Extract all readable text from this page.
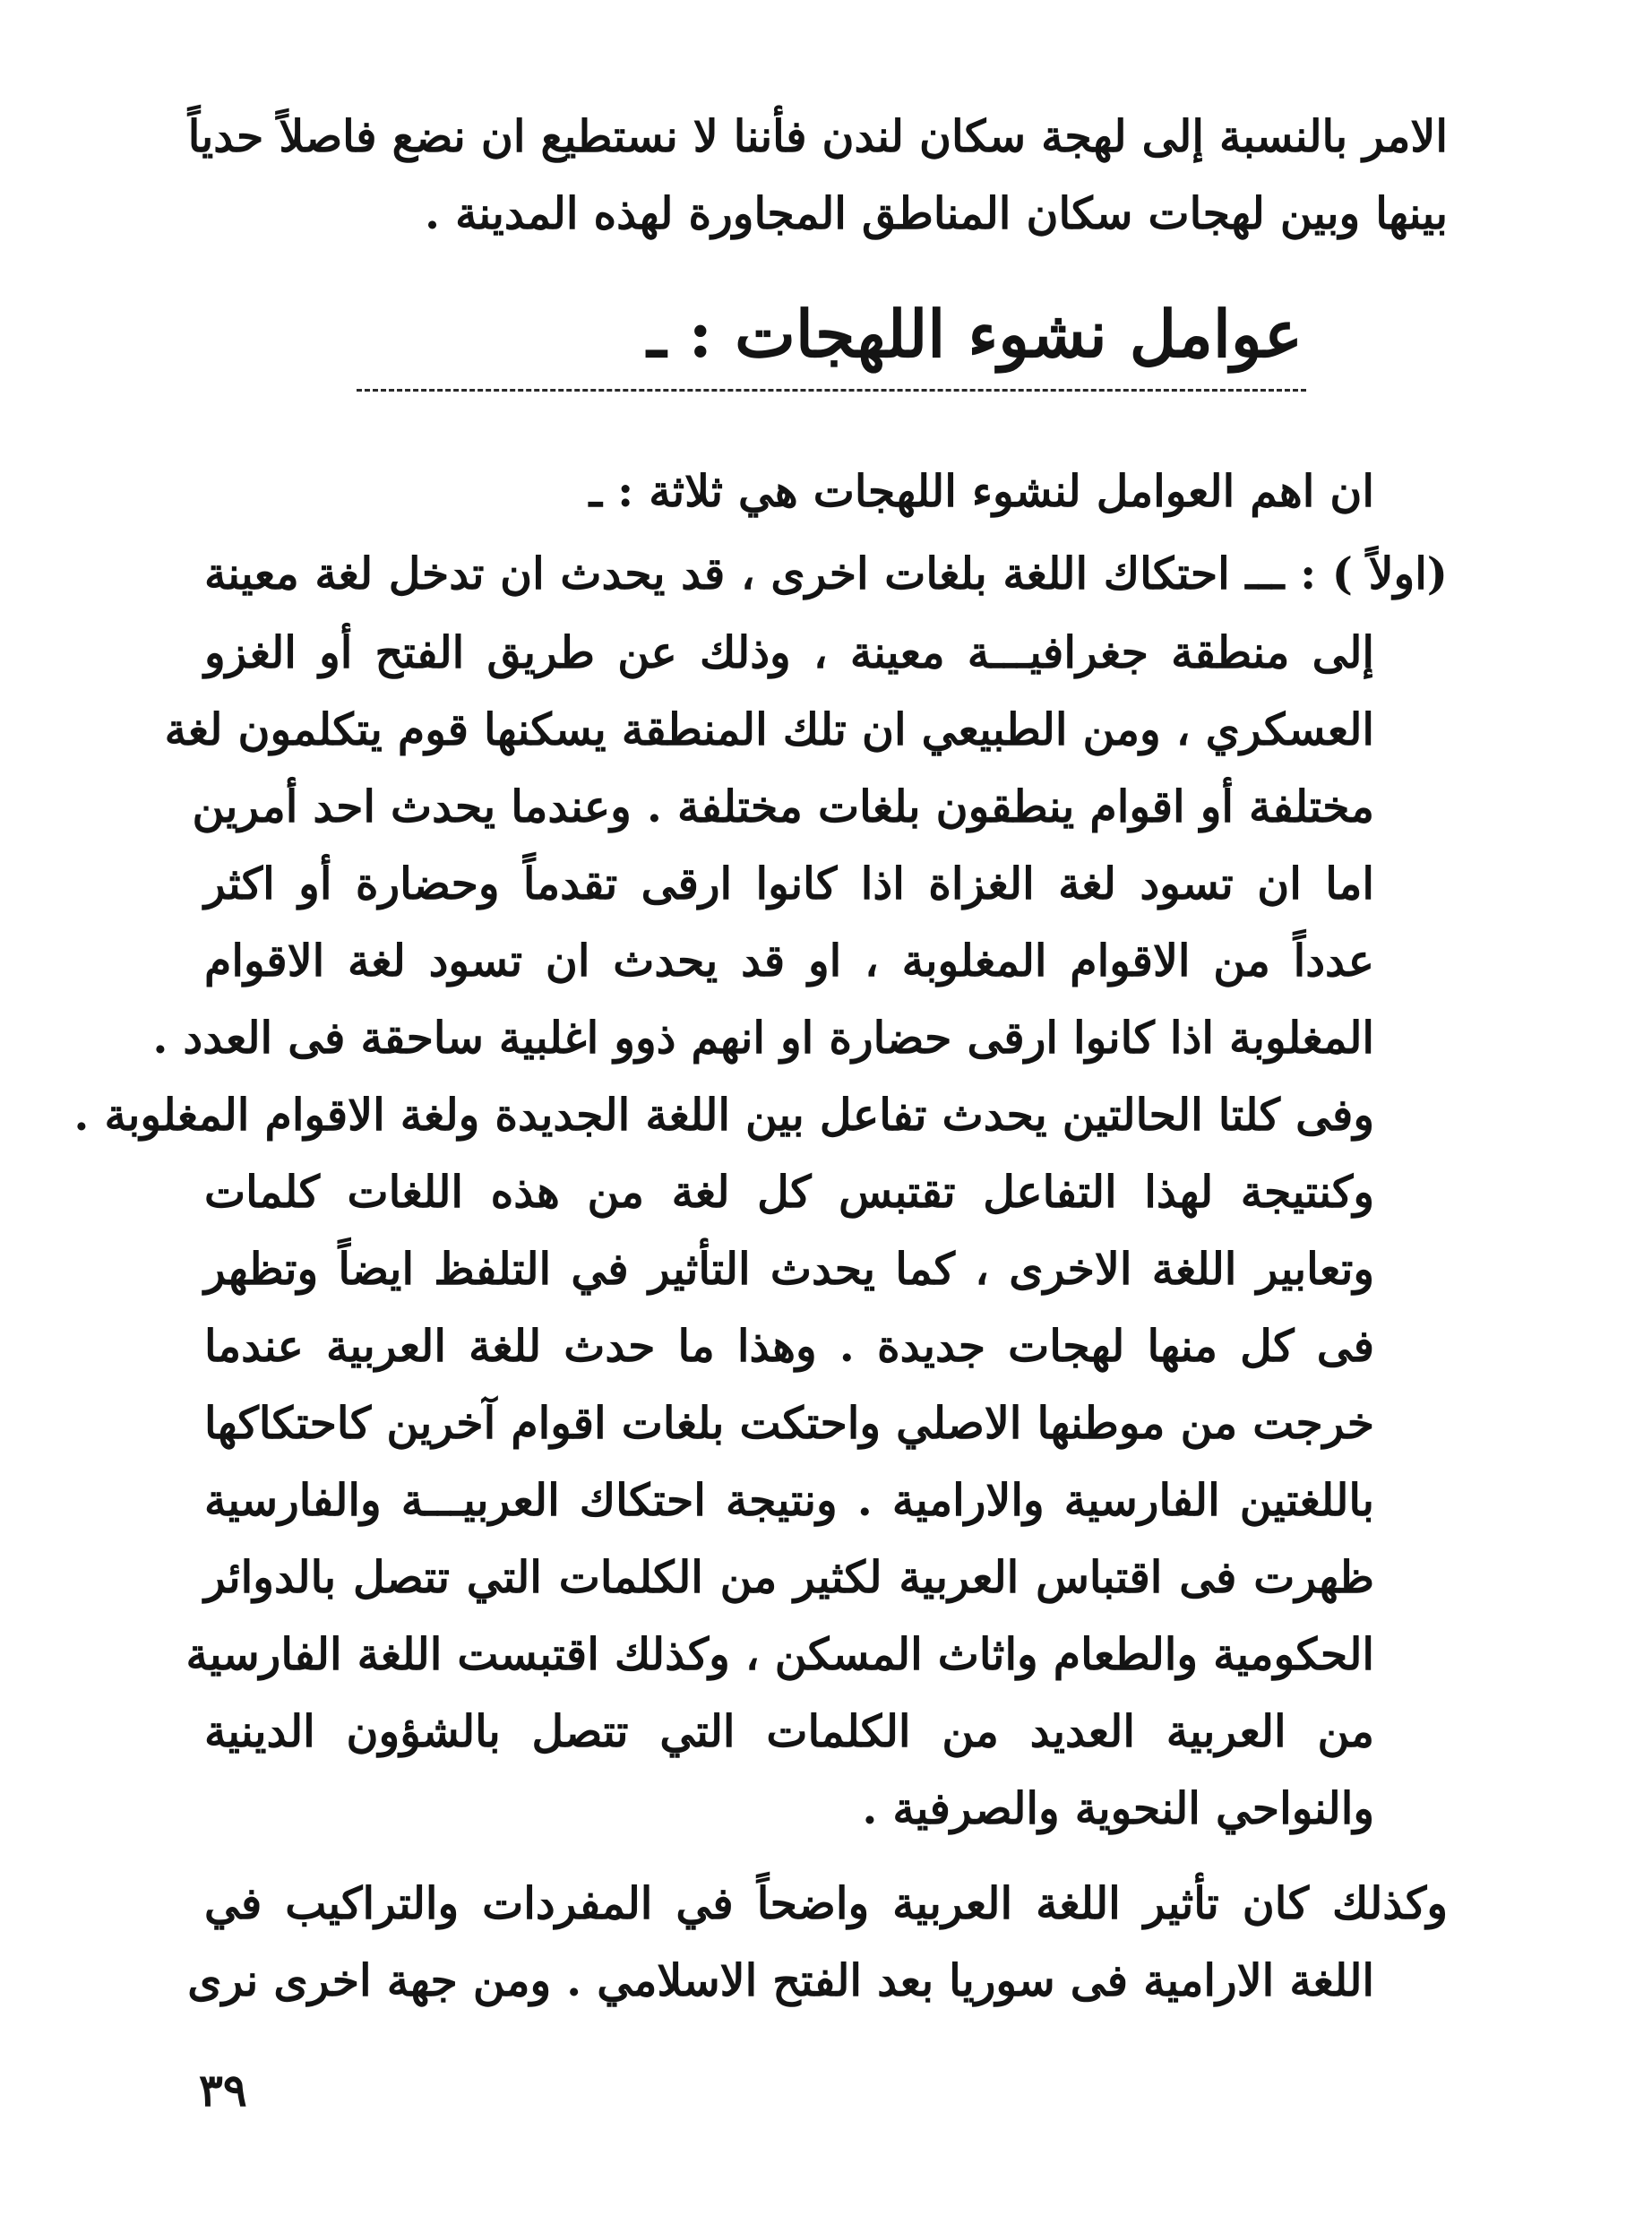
الامر بالنسبة إلى لهجة سكان لندن فأننا لا نستطيع ان نضع فاصلاً حدياً
بينها وبين لهجات سكان المناطق المجاورة لهذه المدينة .
عوامل نشوء اللهجات : ـ
ان اهم العوامل لنشوء اللهجات هي ثلاثة : ـ
(اولاً ) : ـــ احتكاك اللغة بلغات اخرى ، قد يحدث ان تدخل لغة معينة
إلى منطقة جغرافيـــة معينة ، وذلك عن طريق الفتح أو الغزو
العسكري ، ومن الطبيعي ان تلك المنطقة يسكنها قوم يتكلمون لغة
مختلفة أو اقوام ينطقون بلغات مختلفة . وعندما يحدث احد أمرين
اما ان تسود لغة الغزاة اذا كانوا ارقى تقدماً وحضارة أو اكثر
عدداً من الاقوام المغلوبة ، او قد يحدث ان تسود لغة الاقوام
المغلوبة اذا كانوا ارقى حضارة او انهم ذوو اغلبية ساحقة فى العدد .
وفى كلتا الحالتين يحدث تفاعل بين اللغة الجديدة ولغة الاقوام المغلوبة .
وكنتيجة لهذا التفاعل تقتبس كل لغة من هذه اللغات كلمات
وتعابير اللغة الاخرى ، كما يحدث التأثير في التلفظ ايضاً وتظهر
فى كل منها لهجات جديدة . وهذا ما حدث للغة العربية عندما
خرجت من موطنها الاصلي واحتكت بلغات اقوام آخرين كاحتكاكها
باللغتين الفارسية والارامية . ونتيجة احتكاك العربيـــة والفارسية
ظهرت فى اقتباس العربية لكثير من الكلمات التي تتصل بالدوائر
الحكومية والطعام واثاث المسكن ، وكذلك اقتبست اللغة الفارسية
من العربية العديد من الكلمات التي تتصل بالشؤون الدينية
والنواحي النحوية والصرفية .
وكذلك كان تأثير اللغة العربية واضحاً في المفردات والتراكيب في
اللغة الارامية فى سوريا بعد الفتح الاسلامي . ومن جهة اخرى نرى
٣٩
